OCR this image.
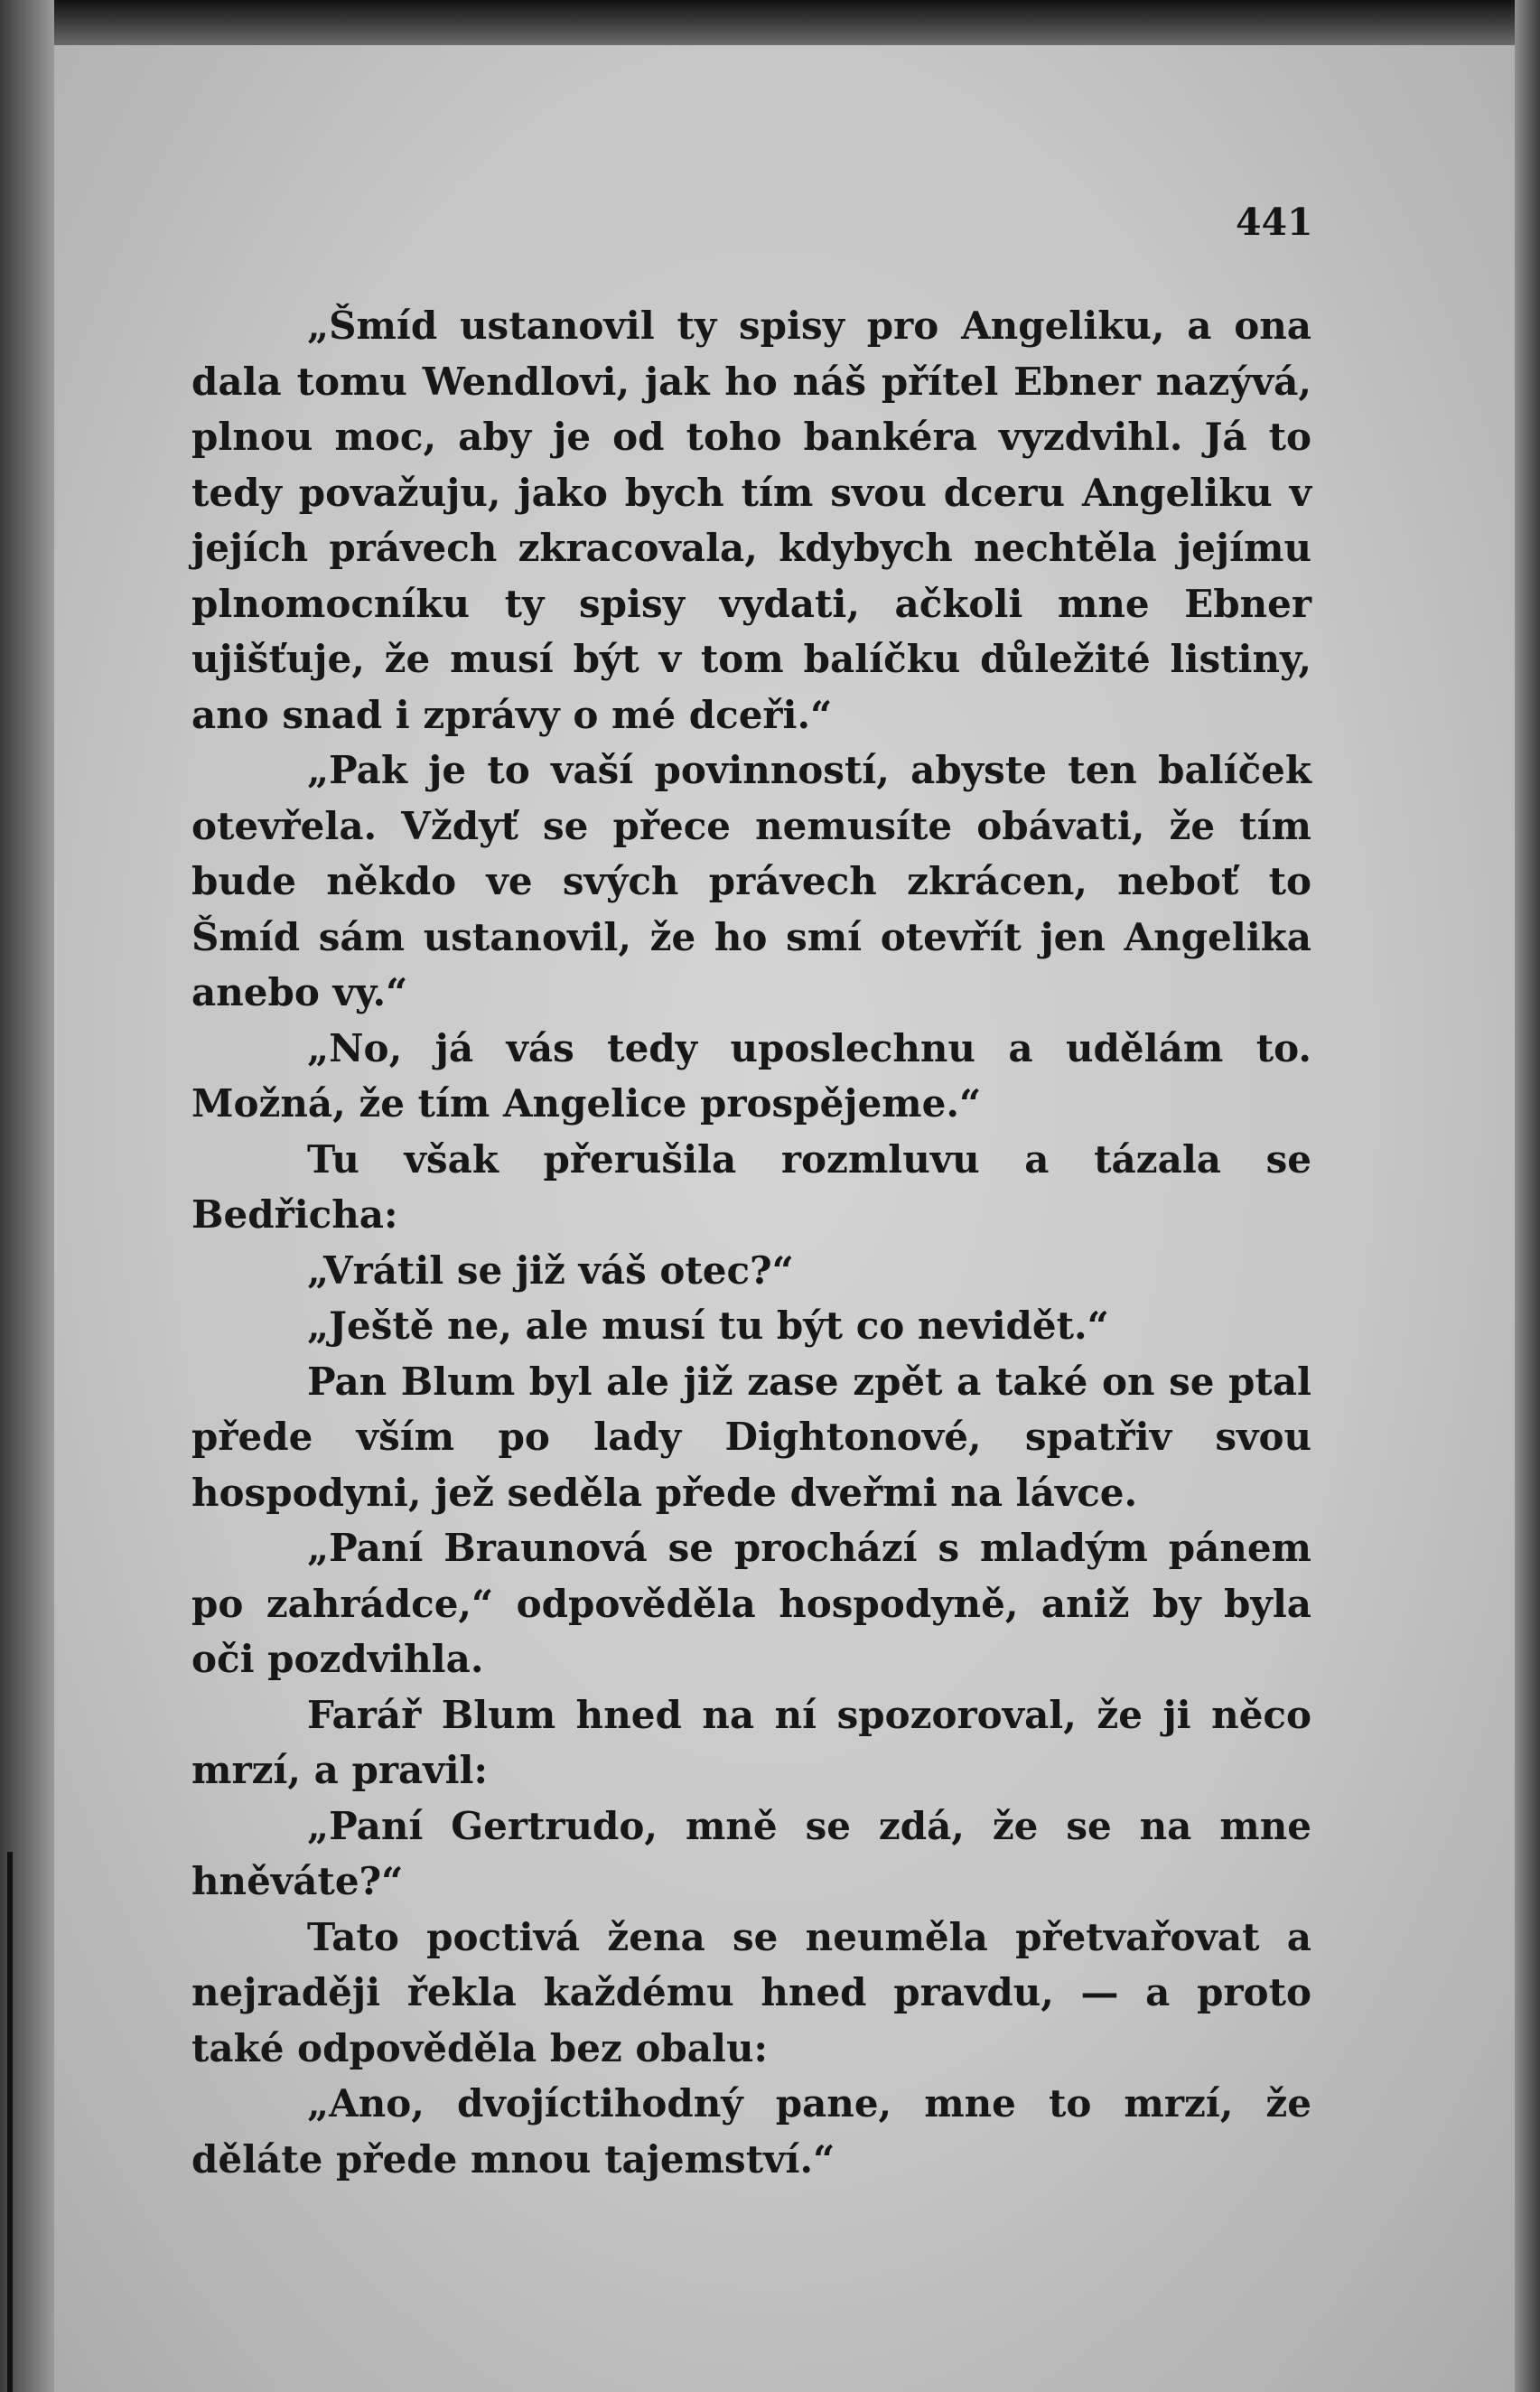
441

„Šmíd ustanovil ty spisy pro Angeliku, a ona dala tomu Wendlovi, jak ho náš přítel Ebner nazývá, plnou moc, aby je od toho bankéra vyzdvihl. Já to tedy považuju, jako bych tím svou dceru Angeliku v jejích právech zkracovala, kdybych nechtěla jejímu plnomocníku ty spisy vydati, ačkoli mne Ebner ujišťuje, že musí být v tom balíčku důležité listiny, ano snad i zprávy o mé dceři.“

„Pak je to vaší povinností, abyste ten balíček otevřela. Vždyť se přece nemusíte obávati, že tím bude někdo ve svých právech zkrácen, neboť to Šmíd sám ustanovil, že ho smí otevřít jen Angelika anebo vy.“

„No, já vás tedy uposlechnu a udělám to. Možná, že tím Angelice prospějeme.“

Tu však přerušila rozmluvu a tázala se Bedřicha:

„Vrátil se již váš otec?“

„Ještě ne, ale musí tu být co nevidět.“

Pan Blum byl ale již zase zpět a také on se ptal přede vším po lady Dightonové, spatřiv svou hospodyni, jež seděla přede dveřmi na lávce.

„Paní Braunová se prochází s mladým pánem po zahrádce,“ odpověděla hospodyně, aniž by byla oči pozdvihla.

Farář Blum hned na ní spozoroval, že ji něco mrzí, a pravil:

„Paní Gertrudo, mně se zdá, že se na mne hněváte?“

Tato poctivá žena se neuměla přetvařovat a nejraději řekla každému hned pravdu, — a proto také odpověděla bez obalu:

„Ano, dvojíctihodný pane, mne to mrzí, že děláte přede mnou tajemství.“
